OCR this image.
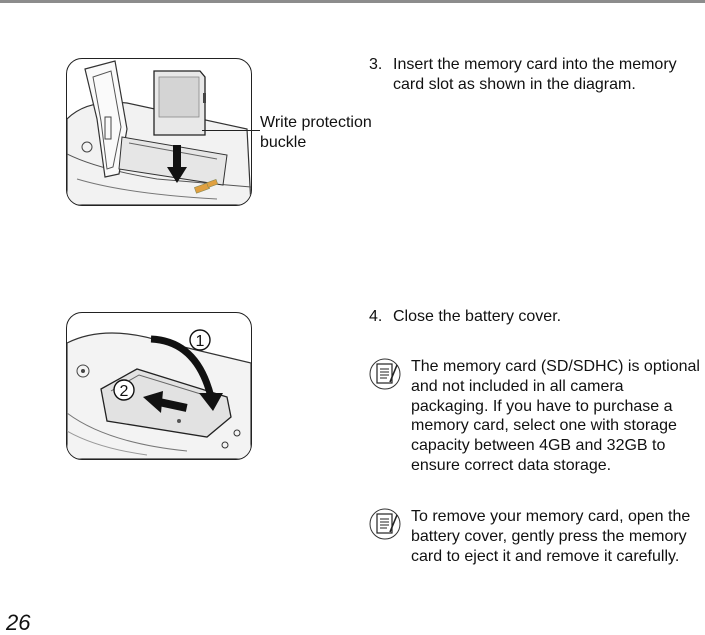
Write protection buckle
1
2
3. Insert the memory card into the memory card slot as shown in the diagram.
4. Close the battery cover.
The memory card (SD/SDHC) is optional and not included in all camera packaging. If you have to purchase a memory card, select one with storage capacity between 4GB and 32GB to ensure correct data storage.
To remove your memory card, open the battery cover, gently press the memory card to eject it and remove it carefully.
26
